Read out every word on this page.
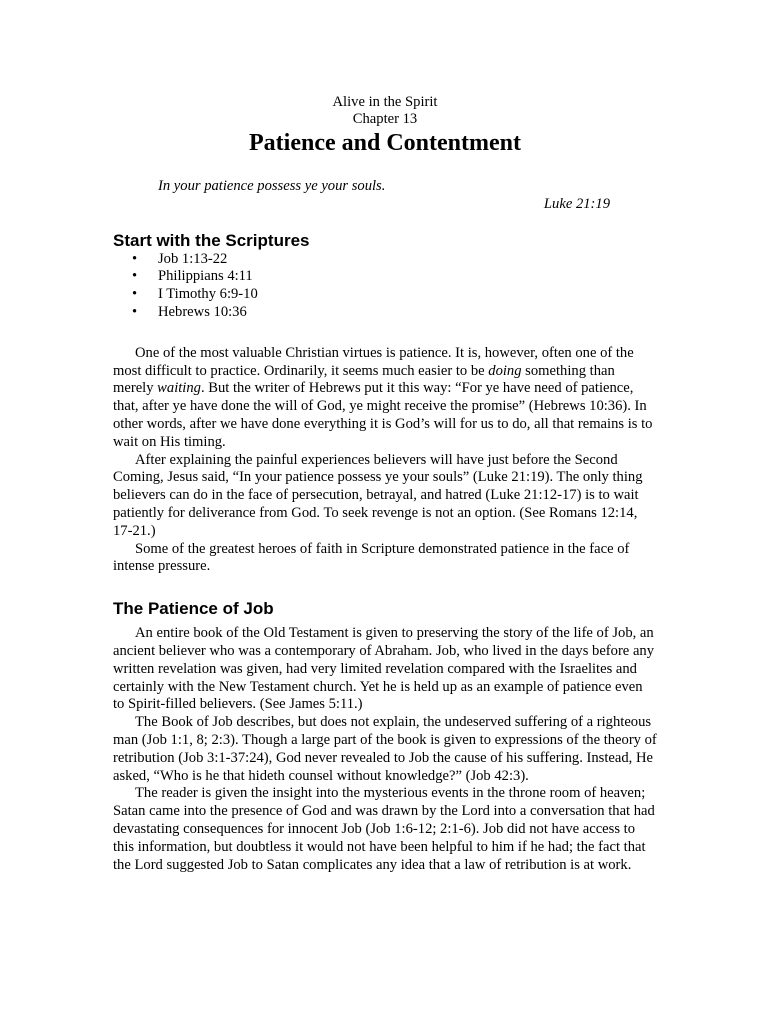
Alive in the Spirit
Chapter 13
Patience and Contentment
In your patience possess ye your souls.
Luke 21:19
Start with the Scriptures
• Job 1:13-22
• Philippians 4:11
• I Timothy 6:9-10
• Hebrews 10:36

One of the most valuable Christian virtues is patience. It is, however, often one of the most difficult to practice. Ordinarily, it seems much easier to be doing something than merely waiting. But the writer of Hebrews put it this way: “For ye have need of patience, that, after ye have done the will of God, ye might receive the promise” (Hebrews 10:36). In other words, after we have done everything it is God’s will for us to do, all that remains is to wait on His timing.

After explaining the painful experiences believers will have just before the Second Coming, Jesus said, “In your patience possess ye your souls” (Luke 21:19). The only thing believers can do in the face of persecution, betrayal, and hatred (Luke 21:12-17) is to wait patiently for deliverance from God. To seek revenge is not an option. (See Romans 12:14, 17-21.)

Some of the greatest heroes of faith in Scripture demonstrated patience in the face of intense pressure.

The Patience of Job

An entire book of the Old Testament is given to preserving the story of the life of Job, an ancient believer who was a contemporary of Abraham. Job, who lived in the days before any written revelation was given, had very limited revelation compared with the Israelites and certainly with the New Testament church. Yet he is held up as an example of patience even to Spirit-filled believers. (See James 5:11.)

The Book of Job describes, but does not explain, the undeserved suffering of a righteous man (Job 1:1, 8; 2:3). Though a large part of the book is given to expressions of the theory of retribution (Job 3:1-37:24), God never revealed to Job the cause of his suffering. Instead, He asked, “Who is he that hideth counsel without knowledge?” (Job 42:3).

The reader is given the insight into the mysterious events in the throne room of heaven; Satan came into the presence of God and was drawn by the Lord into a conversation that had devastating consequences for innocent Job (Job 1:6-12; 2:1-6). Job did not have access to this information, but doubtless it would not have been helpful to him if he had; the fact that the Lord suggested Job to Satan complicates any idea that a law of retribution is at work.
